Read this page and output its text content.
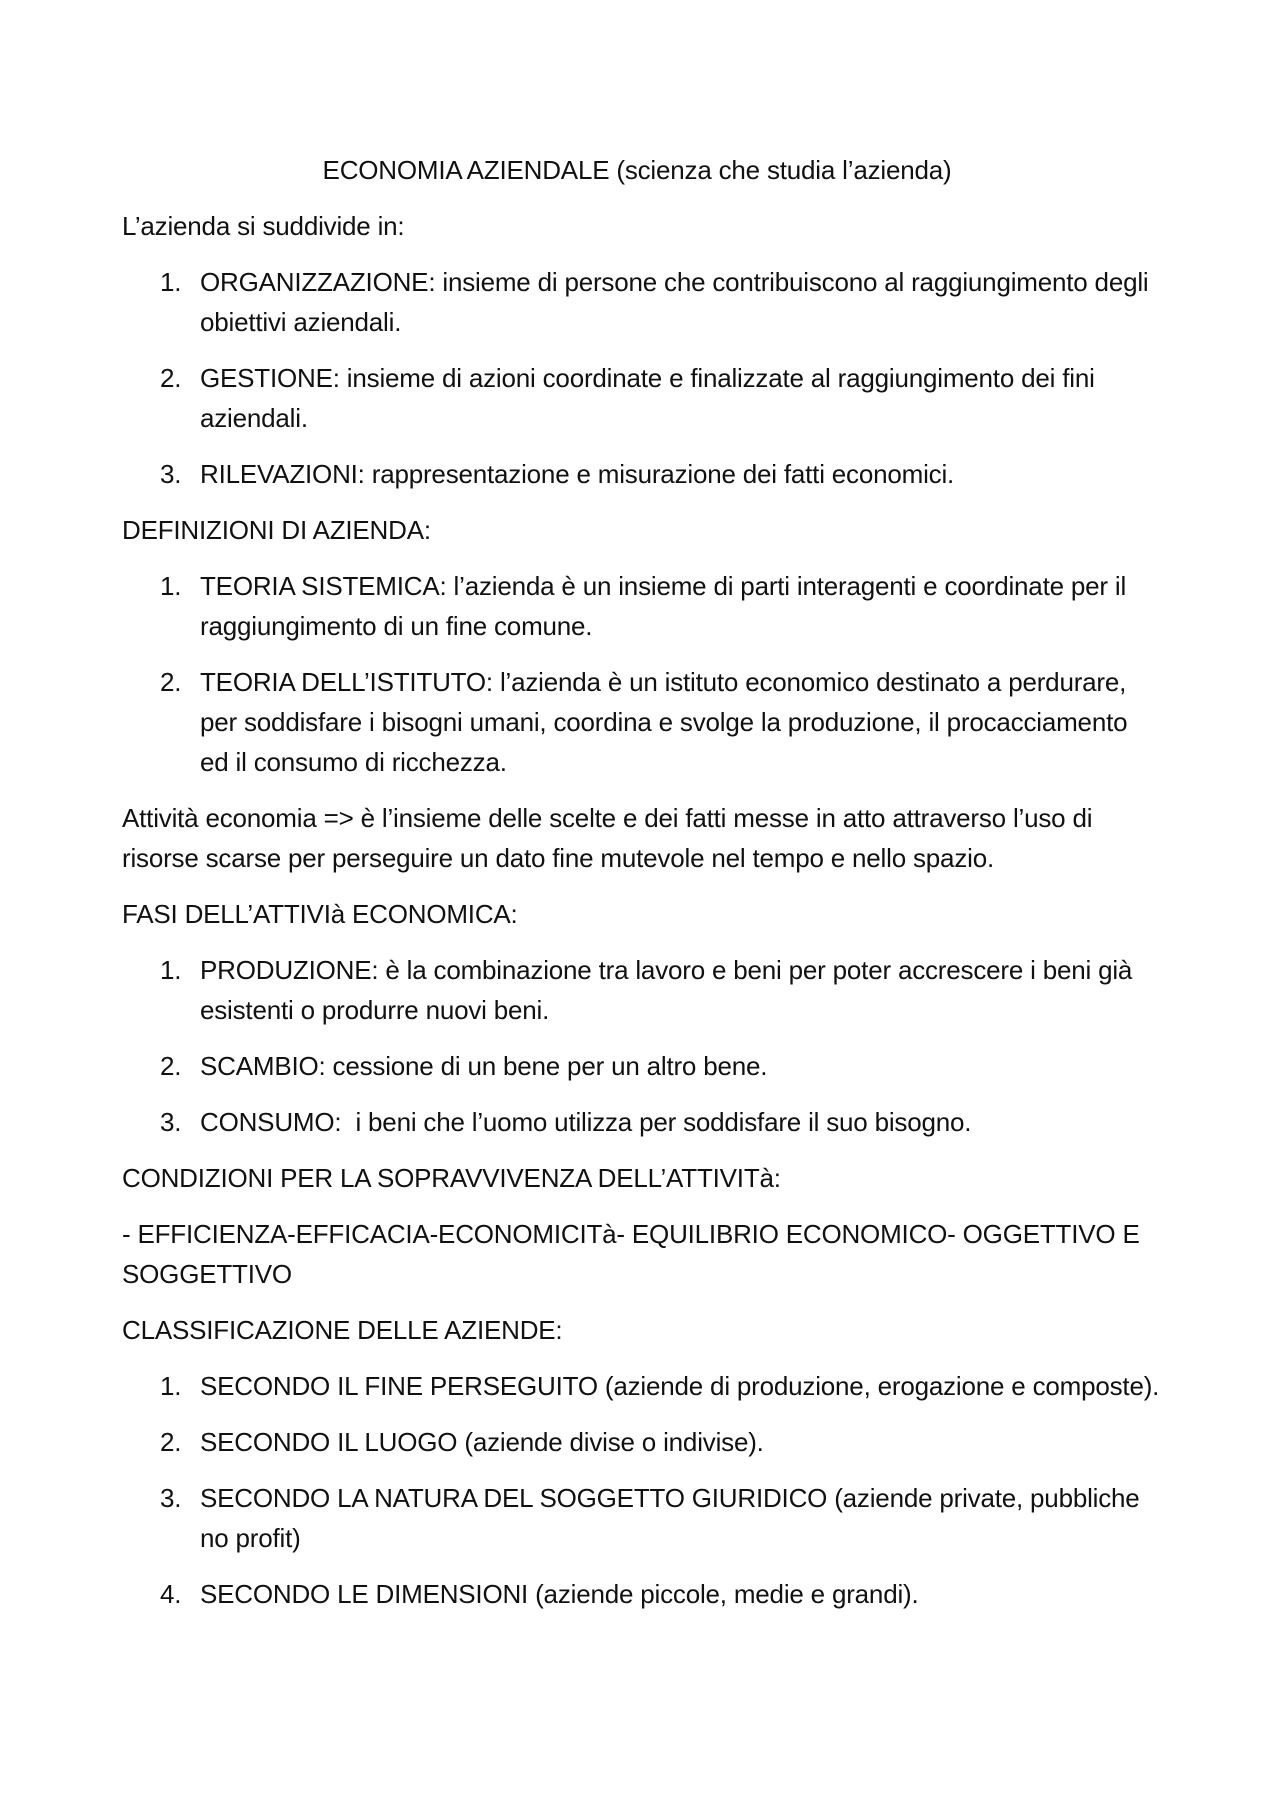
ECONOMIA AZIENDALE (scienza che studia l’azienda)

L’azienda si suddivide in:

1. ORGANIZZAZIONE: insieme di persone che contribuiscono al raggiungimento degli obiettivi aziendali.
2. GESTIONE: insieme di azioni coordinate e finalizzate al raggiungimento dei fini aziendali.
3. RILEVAZIONI: rappresentazione e misurazione dei fatti economici.

DEFINIZIONI DI AZIENDA:

1. TEORIA SISTEMICA: l’azienda è un insieme di parti interagenti e coordinate per il raggiungimento di un fine comune.
2. TEORIA DELL’ISTITUTO: l’azienda è un istituto economico destinato a perdurare, per soddisfare i bisogni umani, coordina e svolge la produzione, il procacciamento ed il consumo di ricchezza.

Attività economia => è l’insieme delle scelte e dei fatti messe in atto attraverso l’uso di risorse scarse per perseguire un dato fine mutevole nel tempo e nello spazio.

FASI DELL’ATTIVIà ECONOMICA:

1. PRODUZIONE: è la combinazione tra lavoro e beni per poter accrescere i beni già esistenti o produrre nuovi beni.
2. SCAMBIO: cessione di un bene per un altro bene.
3. CONSUMO:  i beni che l’uomo utilizza per soddisfare il suo bisogno.

CONDIZIONI PER LA SOPRAVVIVENZA DELL’ATTIVITà:

- EFFICIENZA-EFFICACIA-ECONOMICITà- EQUILIBRIO ECONOMICO- OGGETTIVO E SOGGETTIVO

CLASSIFICAZIONE DELLE AZIENDE:

1. SECONDO IL FINE PERSEGUITO (aziende di produzione, erogazione e composte).
2. SECONDO IL LUOGO (aziende divise o indivise).
3. SECONDO LA NATURA DEL SOGGETTO GIURIDICO (aziende private, pubbliche no profit)
4. SECONDO LE DIMENSIONI (aziende piccole, medie e grandi).
